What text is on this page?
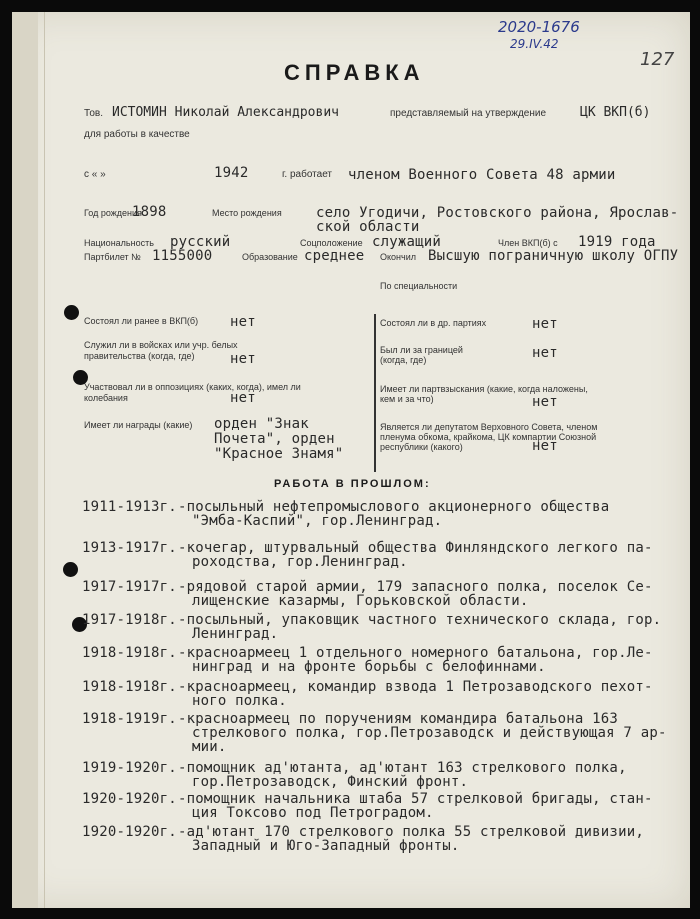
2020-1676
29.IV.42
127
СПРАВКА
Тов. ИСТОМИН Николай Александрович	представляемый на утверждение	ЦК ВКП(б)
для работы в качестве
с « »	1942	г. работает членом Военного Совета 48 армии
Год рождения
1898	Место рождения село Угодичи, Ростовского района, Ярослав-
ской области
Национальность русский	Соцположение служащий	Член ВКП(б) с 1919 года
Партбилет № 1155000	Образование среднее Окончил Высшую пограничную школу ОГПУ
По специальности
Состоял ли ранее в ВКП(б) нет
Служил ли в войсках или учр. белых
правительства (когда, где)	нет
Участвовал ли в оппозициях (каких, когда), имел ли
колебания	нет
Имеет ли награды (какие) орден "Знак
Почета", орден
"Красное Знамя"
Состоял ли в др. партиях	нет
Был ли за границей
(когда, где)	нет
Имеет ли партвзыскания (какие, когда наложены,
кем и за что)	нет
Является ли депутатом Верховного Совета, членом
пленума обкома, крайкома, ЦК компартии Союзной
республики (какого)	нет
РАБОТА В ПРОШЛОМ:
1911-1913г. -посыльный нефтепромыслового акционерного общества
"Эмба-Каспий", гор.Ленинград.
1913-1917г. -кочегар, штурвальный общества Финляндского легкого па-
роходства, гор.Ленинград.
1917-1917г. -рядовой старой армии, 179 запасного полка, поселок Се-
лищенские казармы, Горьковской области.
1917-1918г. -посыльный, упаковщик частного технического склада, гор.
Ленинград.
1918-1918г. -красноармеец 1 отдельного номерного батальона, гор.Ле-
нинград и на фронте борьбы с белофиннами.
1918-1918г. -красноармеец, командир взвода 1 Петрозаводского пехот-
ного полка.
1918-1919г. -красноармеец по поручениям командира батальона 163
стрелкового полка, гор.Петрозаводск и действующая 7 ар-
мии.
1919-1920г. -помощник ад'ютанта, ад'ютант 163 стрелкового полка,
гор.Петрозаводск, Финский фронт.
1920-1920г. -помощник начальника штаба 57 стрелковой бригады, стан-
ция Токсово под Петроградом.
1920-1920г. -ад'ютант 170 стрелкового полка 55 стрелковой дивизии,
Западный и Юго-Западный фронты.
